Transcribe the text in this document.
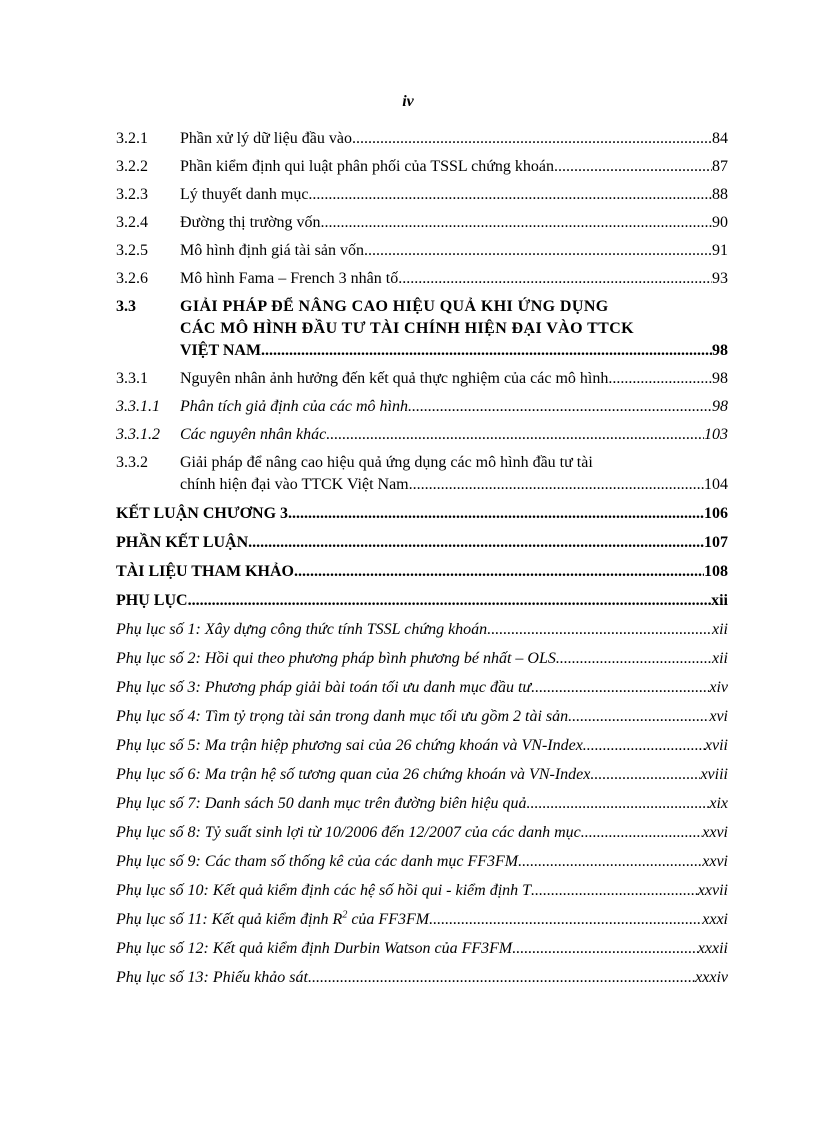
iv
3.2.1	Phần xử lý dữ liệu đầu vào .....	84
3.2.2	Phần kiểm định qui luật phân phối của TSSL chứng khoán .....	87
3.2.3	Lý thuyết danh mục .....	88
3.2.4	Đường thị trường vốn .....	90
3.2.5	Mô hình định giá tài sản vốn .....	91
3.2.6	Mô hình Fama – French 3 nhân tố .....	93
3.3	GIẢI PHÁP ĐỂ NÂNG CAO HIỆU QUẢ KHI ỨNG DỤNG
CÁC MÔ HÌNH ĐẦU TƯ TÀI CHÍNH HIỆN ĐẠI VÀO TTCK
VIỆT NAM .....	98
3.3.1	Nguyên nhân ảnh hưởng đến kết quả thực nghiệm của các mô hình .....	98
3.3.1.1	Phân tích giả định của các mô hình .....	98
3.3.1.2	Các nguyên nhân khác .....	103
3.3.2	Giải pháp để nâng cao hiệu quả ứng dụng các mô hình đầu tư tài
chính hiện đại vào TTCK Việt Nam .....	104
KẾT LUẬN CHƯƠNG 3 .....	106
PHẦN KẾT LUẬN .....	107
TÀI LIỆU THAM KHẢO .....	108
PHỤ LỤC .....	xii
Phụ lục số 1: Xây dựng công thức tính TSSL chứng khoán .....	xii
Phụ lục số 2: Hồi qui theo phương pháp bình phương bé nhất – OLS .....	xii
Phụ lục số 3: Phương pháp giải bài toán tối ưu danh mục đầu tư .....	xiv
Phụ lục số 4: Tìm tỷ trọng tài sản trong danh mục tối ưu gồm 2 tài sản .....	xvi
Phụ lục số 5: Ma trận hiệp phương sai của 26 chứng khoán và VN-Index .....	xvii
Phụ lục số 6: Ma trận hệ số tương quan của 26 chứng khoán và VN-Index .....	xviii
Phụ lục số 7: Danh sách 50 danh mục trên đường biên hiệu quả .....	xix
Phụ lục số 8: Tỷ suất sinh lợi từ 10/2006 đến 12/2007 của các danh mục .....	xxvi
Phụ lục số 9: Các tham số thống kê của các danh mục FF3FM .....	xxvi
Phụ lục số 10: Kết quả kiểm định các hệ số hồi qui - kiểm định T .....	xxvii
Phụ lục số 11: Kết quả kiểm định $R^2$ của FF3FM .....	xxxi
Phụ lục số 12: Kết quả kiểm định Durbin Watson của FF3FM .....	xxxii
Phụ lục số 13: Phiếu khảo sát .....	xxxiv
